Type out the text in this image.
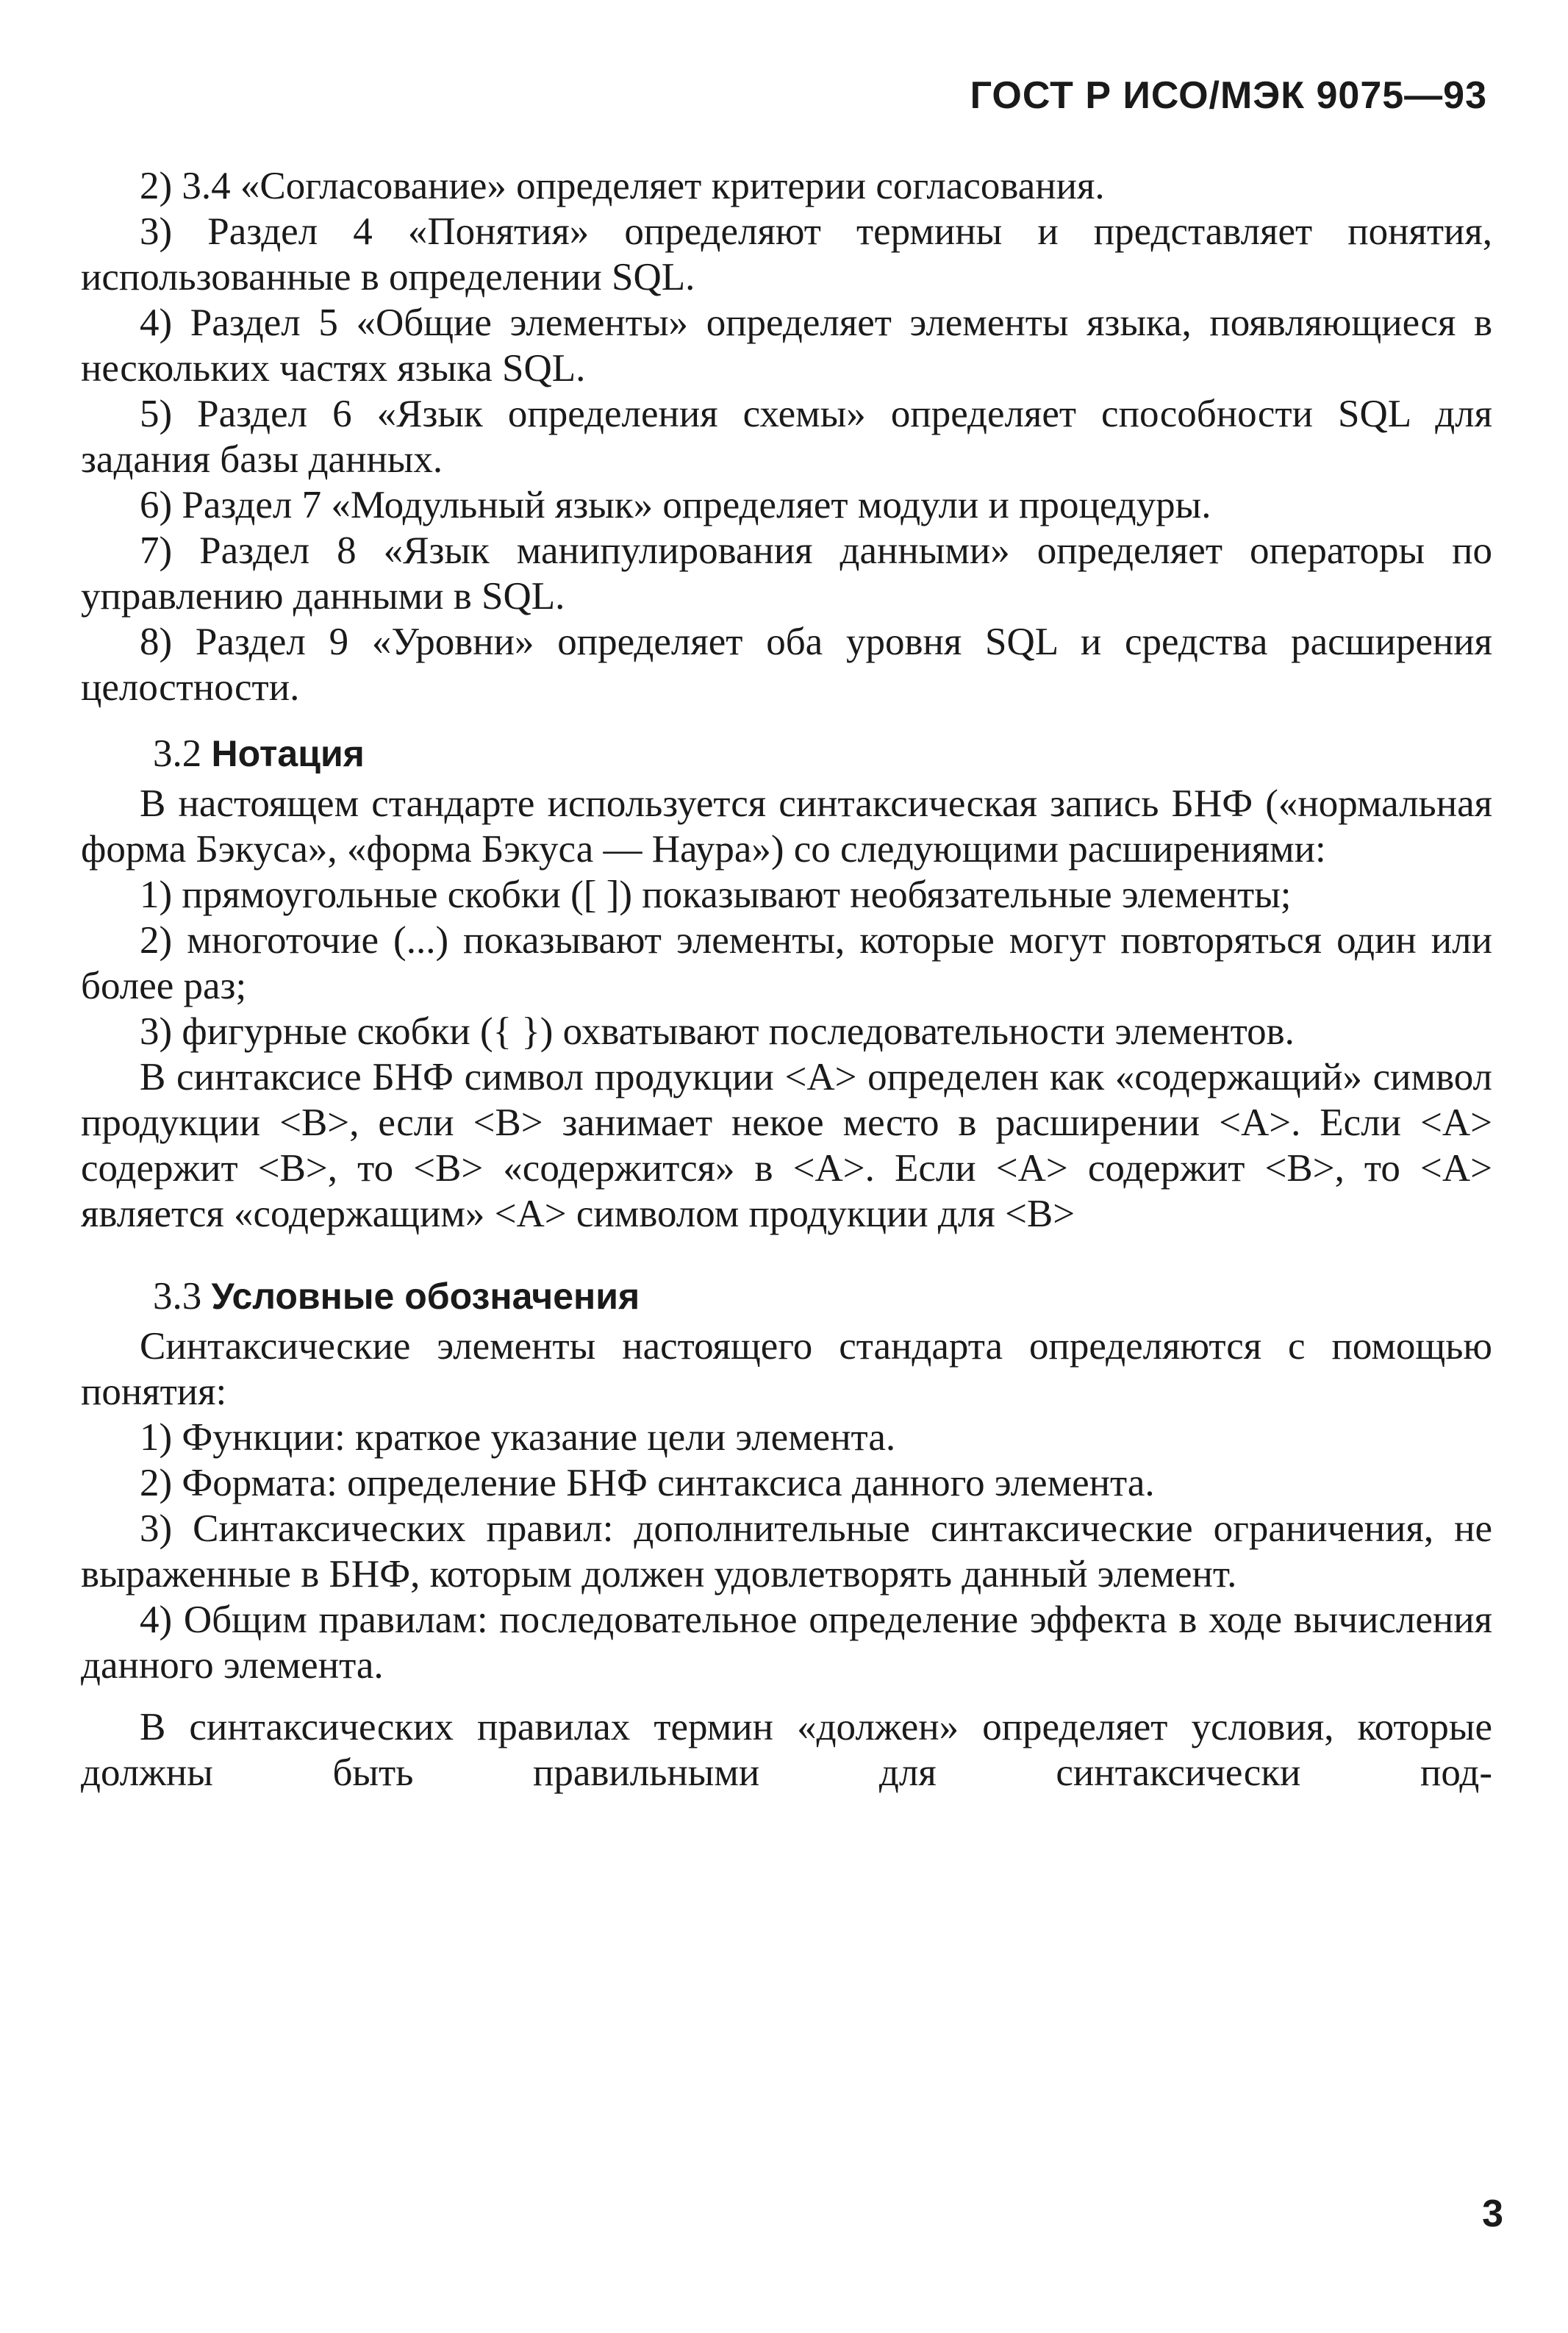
ГОСТ Р ИСО/МЭК 9075—93

2) 3.4 «Согласование» определяет критерии согласования.

3) Раздел 4 «Понятия» определяют термины и представляет понятия, использованные в определении SQL.

4) Раздел 5 «Общие элементы» определяет элементы языка, появляющиеся в нескольких частях языка SQL.

5) Раздел 6 «Язык определения схемы» определяет способности SQL для задания базы данных.

6) Раздел 7 «Модульный язык» определяет модули и процедуры.

7) Раздел 8 «Язык манипулирования данными» определяет операторы по управлению данными в SQL.

8) Раздел 9 «Уровни» определяет оба уровня SQL и средства расширения целостности.

3.2 Нотация

В настоящем стандарте используется синтаксическая запись БНФ («нормальная форма Бэкуса», «форма Бэкуса — Наура») со следующими расширениями:

1) прямоугольные скобки ([ ]) показывают необязательные элементы;

2) многоточие (...) показывают элементы, которые могут повторяться один или более раз;

3) фигурные скобки ({ }) охватывают последовательности элементов.

В синтаксисе БНФ символ продукции <A> определен как «содержащий» символ продукции <B>, если <B> занимает некое место в расширении <A>. Если <A> содержит <B>, то <B> «содержится» в <A>. Если <A> содержит <B>, то <A> является «содержащим» <A> символом продукции для <B>

3.3 Условные обозначения

Синтаксические элементы настоящего стандарта определяются с помощью понятия:

1) Функции: краткое указание цели элемента.

2) Формата: определение БНФ синтаксиса данного элемента.

3) Синтаксических правил: дополнительные синтаксические ограничения, не выраженные в БНФ, которым должен удовлетворять данный элемент.

4) Общим правилам: последовательное определение эффекта в ходе вычисления данного элемента.

В синтаксических правилах термин «должен» определяет условия, которые должны быть правильными для синтаксически под-

3
